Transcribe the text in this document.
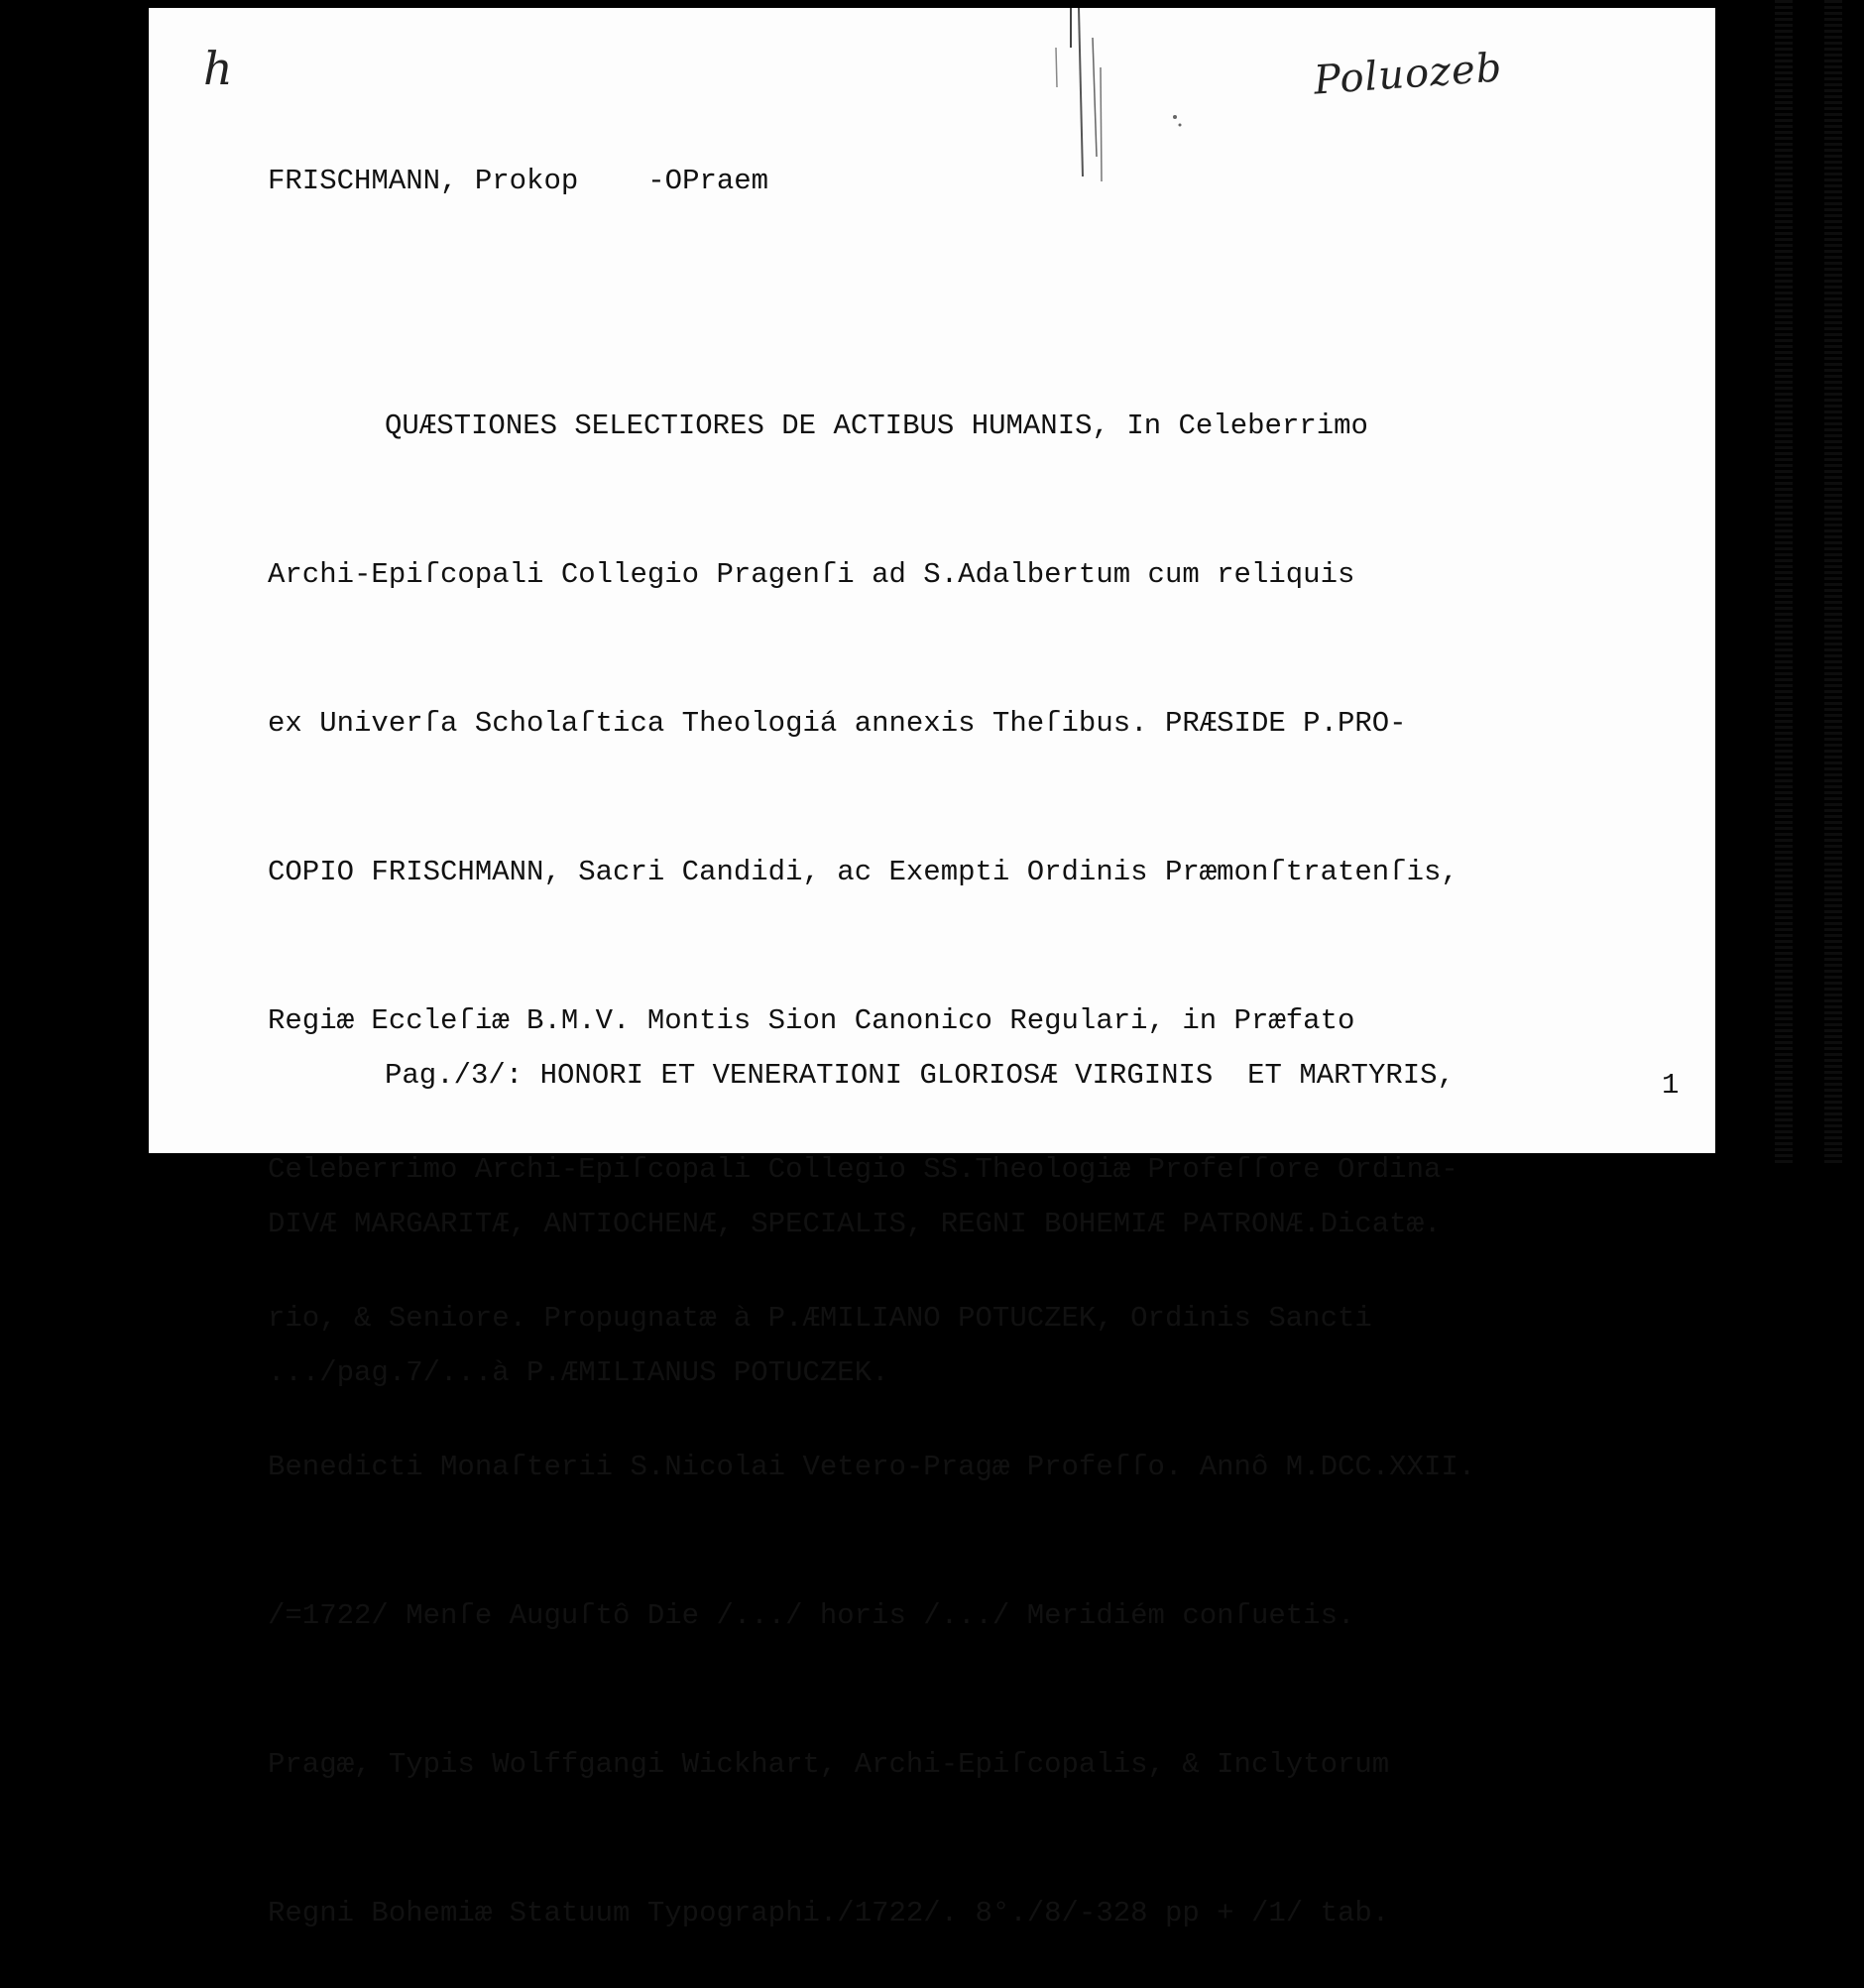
h	Poluozeb
FRISCHMANN, Prokop -OPraem

QUÆSTIONES SELECTIORES DE ACTIBUS HUMANIS, In Celeberrimo

Archi-Epiſcopali Collegio Pragenſi ad S.Adalbertum cum reliquis

ex Univerſa Scholaſtica Theologiá annexis Theſibus. PRÆSIDE P.PRO-

COPIO FRISCHMANN, Sacri Candidi, ac Exempti Ordinis Præmonſtratenſis,

Regiæ Eccleſiæ B.M.V. Montis Sion Canonico Regulari, in Præfato

Celeberrimo Archi-Epiſcopali Collegio SS.Theologiæ Profeſſore Ordina-

rio, & Seniore. Propugnatæ à P.ÆMILIANO POTUCZEK, Ordinis Sancti

Benedicti Monaſterii S.Nicolai Vetero-Pragæ Profeſſo. Annô M.DCC.XXII.

/=1722/ Menſe Auguſtô Die /.../ horis /.../ Meridiém conſuetis.

Pragæ, Typis Wolffgangi Wickhart, Archi-Epiſcopalis, & Inclytorum

Regni Bohemiæ Statuum Typographi./1722/. 8°./8/-328 pp + /1/ tab.

Pag./3/: HONORI ET VENERATIONI GLORIOSÆ VIRGINIS  ET MARTYRIS,

DIVÆ MARGARITÆ, ANTIOCHENÆ, SPECIALIS, REGNI BOHEMIÆ PATRONÆ.Dicatæ.

.../pag.7/...à P.ÆMILIANUS POTUCZEK.

1
